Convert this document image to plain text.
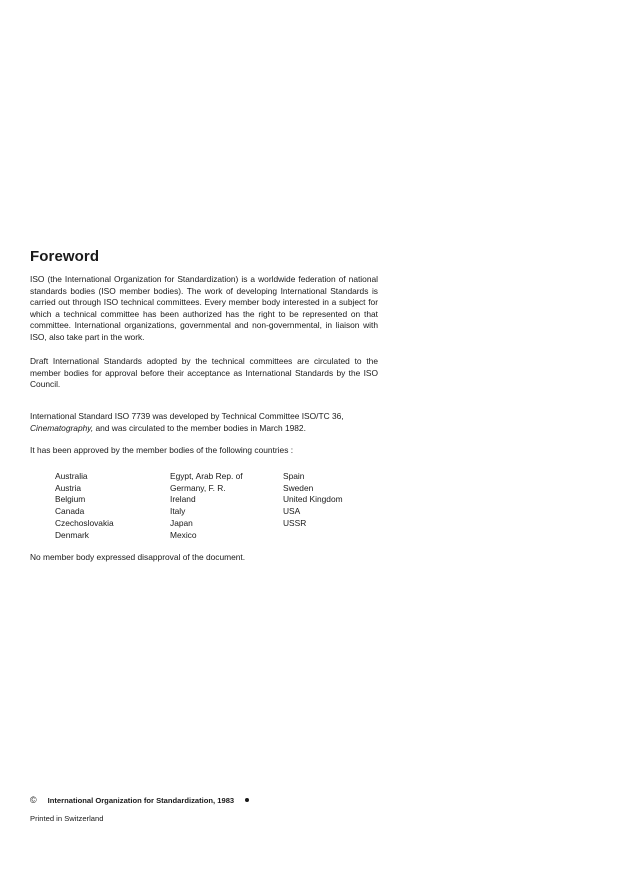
Foreword

ISO (the International Organization for Standardization) is a worldwide federation of national standards bodies (ISO member bodies). The work of developing International Standards is carried out through ISO technical committees. Every member body interested in a subject for which a technical committee has been authorized has the right to be represented on that committee. International organizations, governmental and non-governmental, in liaison with ISO, also take part in the work.

Draft International Standards adopted by the technical committees are circulated to the member bodies for approval before their acceptance as International Standards by the ISO Council.

International Standard ISO 7739 was developed by Technical Committee ISO/TC 36,
Cinematography, and was circulated to the member bodies in March 1982.

It has been approved by the member bodies of the following countries :

Australia
Austria
Belgium
Canada
Czechoslovakia
Denmark
Egypt, Arab Rep. of
Germany, F. R.
Ireland
Italy
Japan
Mexico
Spain
Sweden
United Kingdom
USA
USSR

No member body expressed disapproval of the document.

© International Organization for Standardization, 1983
Printed in Switzerland
